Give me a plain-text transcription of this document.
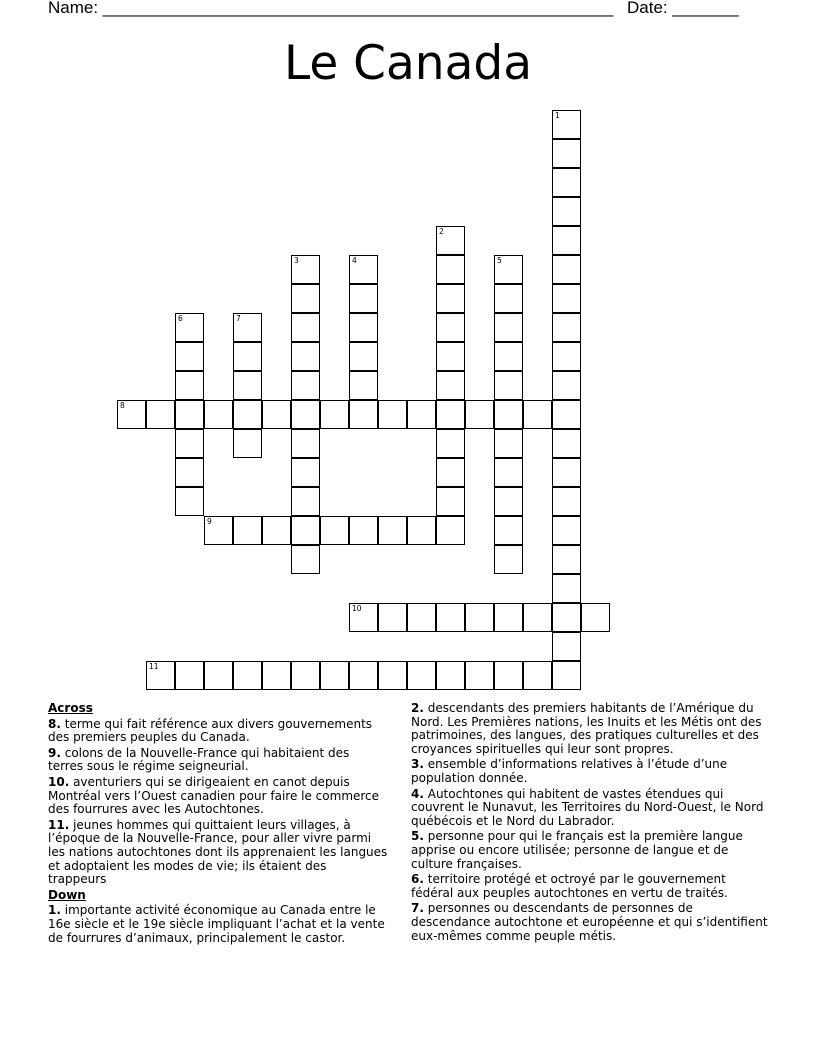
Name: ______________________________________________________ Date: _______
Le Canada
1
2
3	4	5
6	7
8
9
10
11
Across
8. terme qui fait référence aux divers gouvernements des premiers peuples du Canada.
9. colons de la Nouvelle-France qui habitaient des terres sous le régime seigneurial.
10. aventuriers qui se dirigeaient en canot depuis Montréal vers l’Ouest canadien pour faire le commerce des fourrures avec les Autochtones.
11. jeunes hommes qui quittaient leurs villages, à l’époque de la Nouvelle-France, pour aller vivre parmi les nations autochtones dont ils apprenaient les langues et adoptaient les modes de vie; ils étaient des trappeurs
Down
1. importante activité économique au Canada entre le 16e siècle et le 19e siècle impliquant l’achat et la vente de fourrures d’animaux, principalement le castor.
2. descendants des premiers habitants de l’Amérique du Nord. Les Premières nations, les Inuits et les Métis ont des patrimoines, des langues, des pratiques culturelles et des croyances spirituelles qui leur sont propres.
3. ensemble d’informations relatives à l’étude d’une population donnée.
4. Autochtones qui habitent de vastes étendues qui couvrent le Nunavut, les Territoires du Nord-Ouest, le Nord québécois et le Nord du Labrador.
5. personne pour qui le français est la première langue apprise ou encore utilisée; personne de langue et de culture françaises.
6. territoire protégé et octroyé par le gouvernement fédéral aux peuples autochtones en vertu de traités.
7. personnes ou descendants de personnes de descendance autochtone et européenne et qui s’identifient eux-mêmes comme peuple métis.
